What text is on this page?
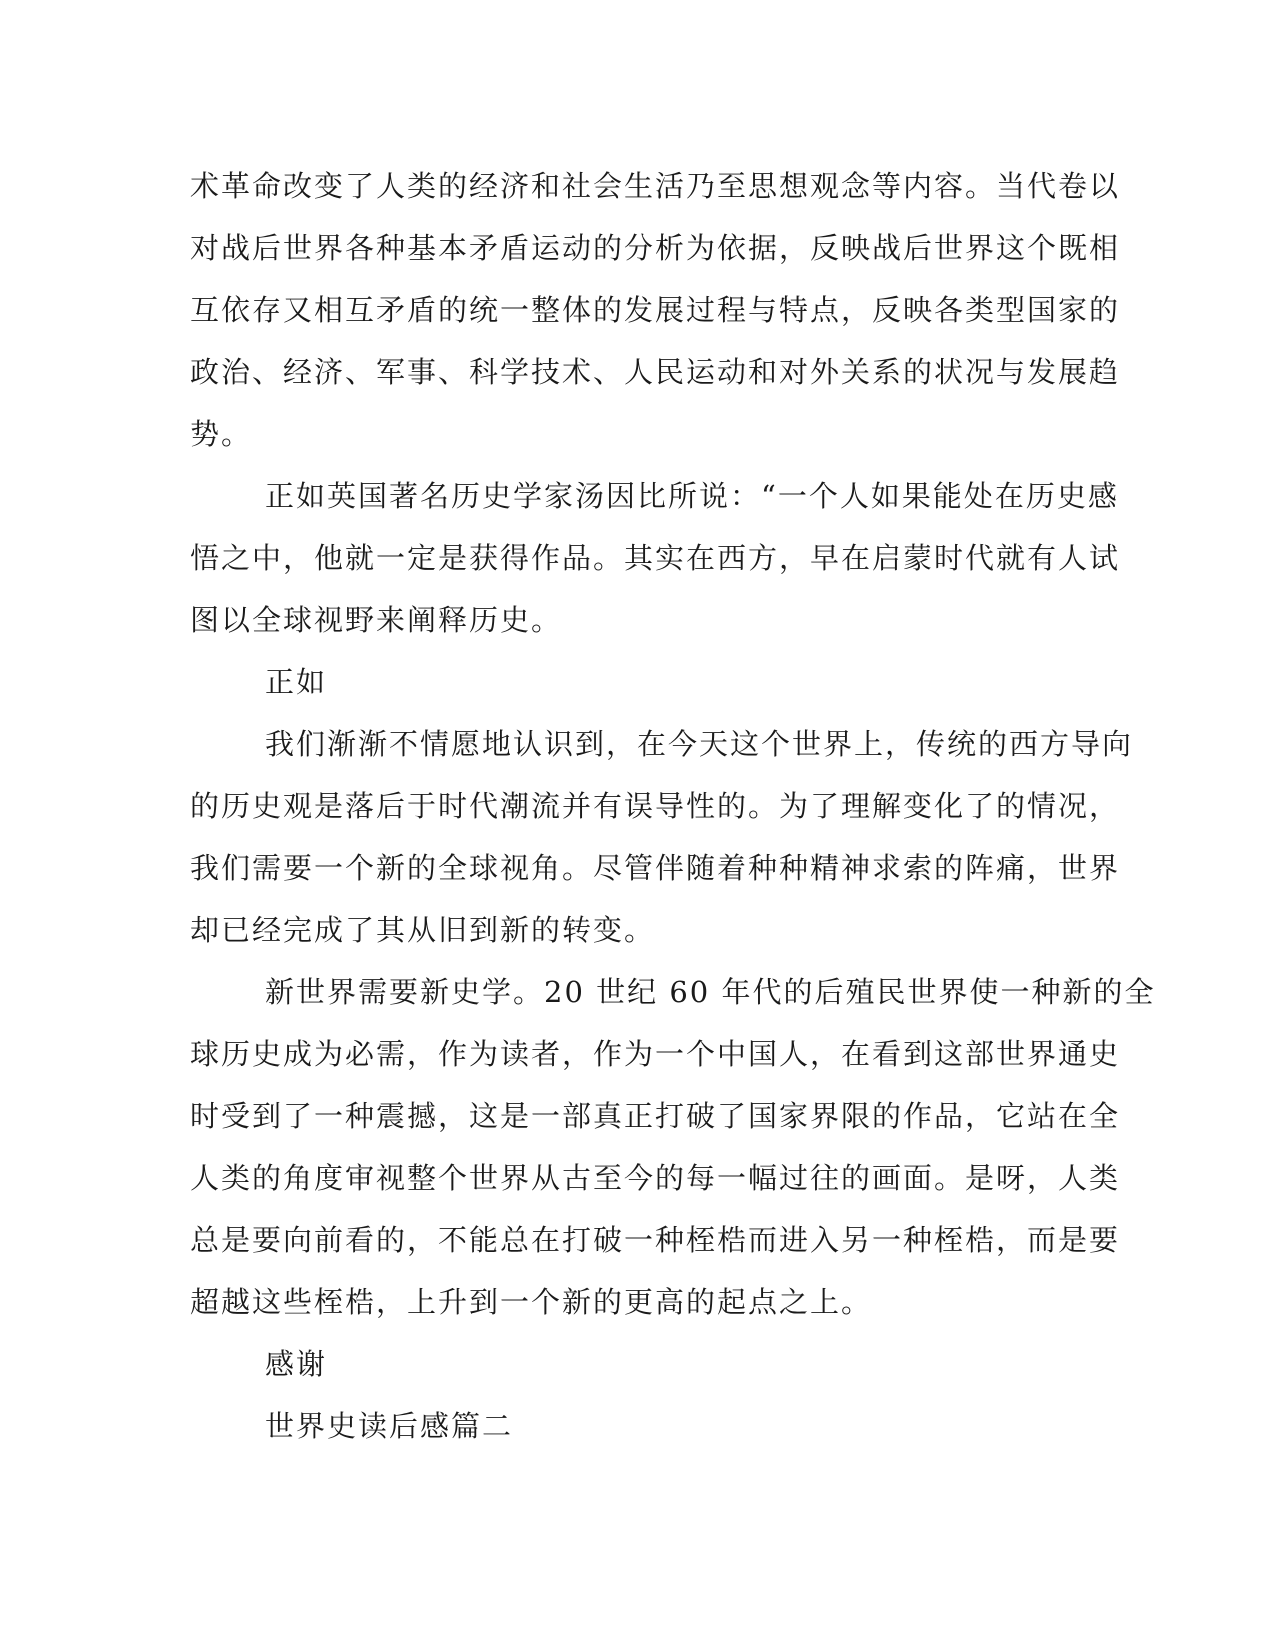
术革命改变了人类的经济和社会生活乃至思想观念等内容。当代卷以
对战后世界各种基本矛盾运动的分析为依据，反映战后世界这个既相
互依存又相互矛盾的统一整体的发展过程与特点，反映各类型国家的
政治、经济、军事、科学技术、人民运动和对外关系的状况与发展趋
势。
正如英国著名历史学家汤因比所说：“一个人如果能处在历史感
悟之中，他就一定是获得作品。其实在西方，早在启蒙时代就有人试
图以全球视野来阐释历史。
正如
我们渐渐不情愿地认识到，在今天这个世界上，传统的西方导向
的历史观是落后于时代潮流并有误导性的。为了理解变化了的情况，
我们需要一个新的全球视角。尽管伴随着种种精神求索的阵痛，世界
却已经完成了其从旧到新的转变。
新世界需要新史学。20 世纪 60 年代的后殖民世界使一种新的全
球历史成为必需，作为读者，作为一个中国人，在看到这部世界通史
时受到了一种震撼，这是一部真正打破了国家界限的作品，它站在全
人类的角度审视整个世界从古至今的每一幅过往的画面。是呀，人类
总是要向前看的，不能总在打破一种桎梏而进入另一种桎梏，而是要
超越这些桎梏，上升到一个新的更高的起点之上。
感谢
世界史读后感篇二
